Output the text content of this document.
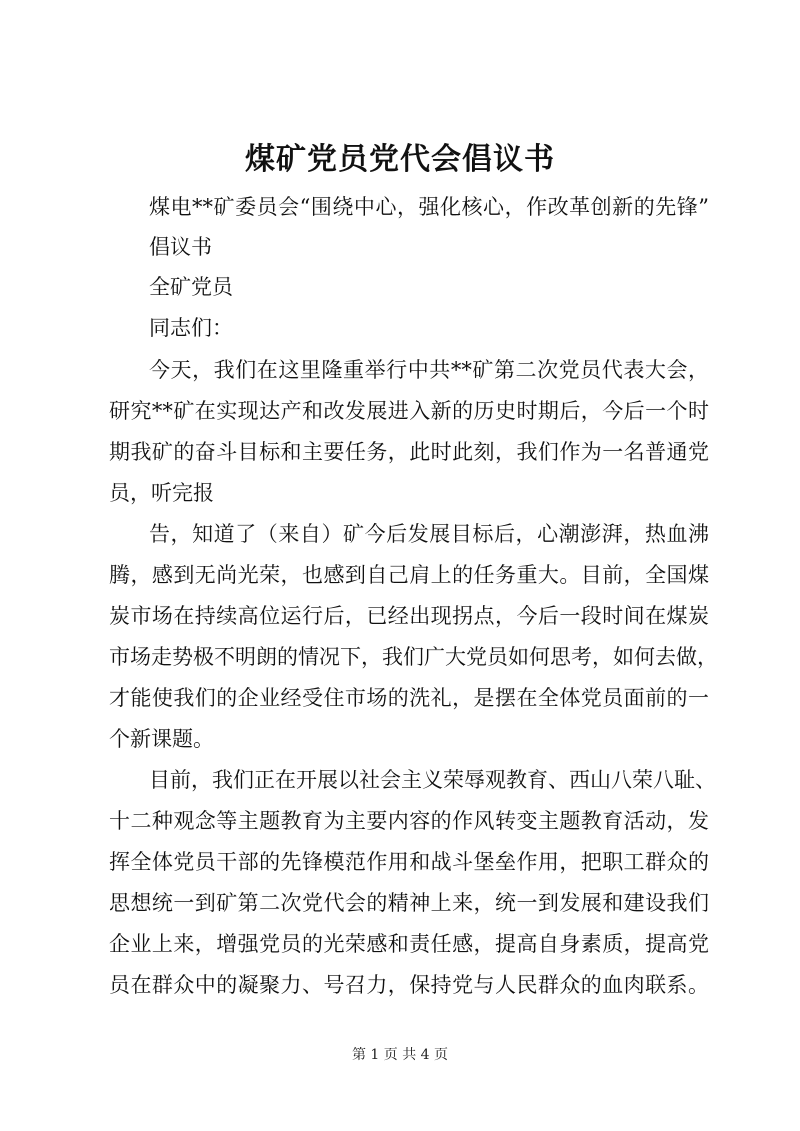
煤矿党员党代会倡议书
煤电**矿委员会“围绕中心，强化核心，作改革创新的先锋”
倡议书
全矿党员
同志们：
今天，我们在这里隆重举行中共**矿第二次党员代表大会，
研究**矿在实现达产和改发展进入新的历史时期后，今后一个时
期我矿的奋斗目标和主要任务，此时此刻，我们作为一名普通党
员，听完报
告，知道了（来自）矿今后发展目标后，心潮澎湃，热血沸
腾，感到无尚光荣，也感到自己肩上的任务重大。目前，全国煤
炭市场在持续高位运行后，已经出现拐点，今后一段时间在煤炭
市场走势极不明朗的情况下，我们广大党员如何思考，如何去做，
才能使我们的企业经受住市场的洗礼，是摆在全体党员面前的一
个新课题。
目前，我们正在开展以社会主义荣辱观教育、西山八荣八耻、
十二种观念等主题教育为主要内容的作风转变主题教育活动，发
挥全体党员干部的先锋模范作用和战斗堡垒作用，把职工群众的
思想统一到矿第二次党代会的精神上来，统一到发展和建设我们
企业上来，增强党员的光荣感和责任感，提高自身素质，提高党
员在群众中的凝聚力、号召力，保持党与人民群众的血肉联系。
第 1 页 共 4 页
